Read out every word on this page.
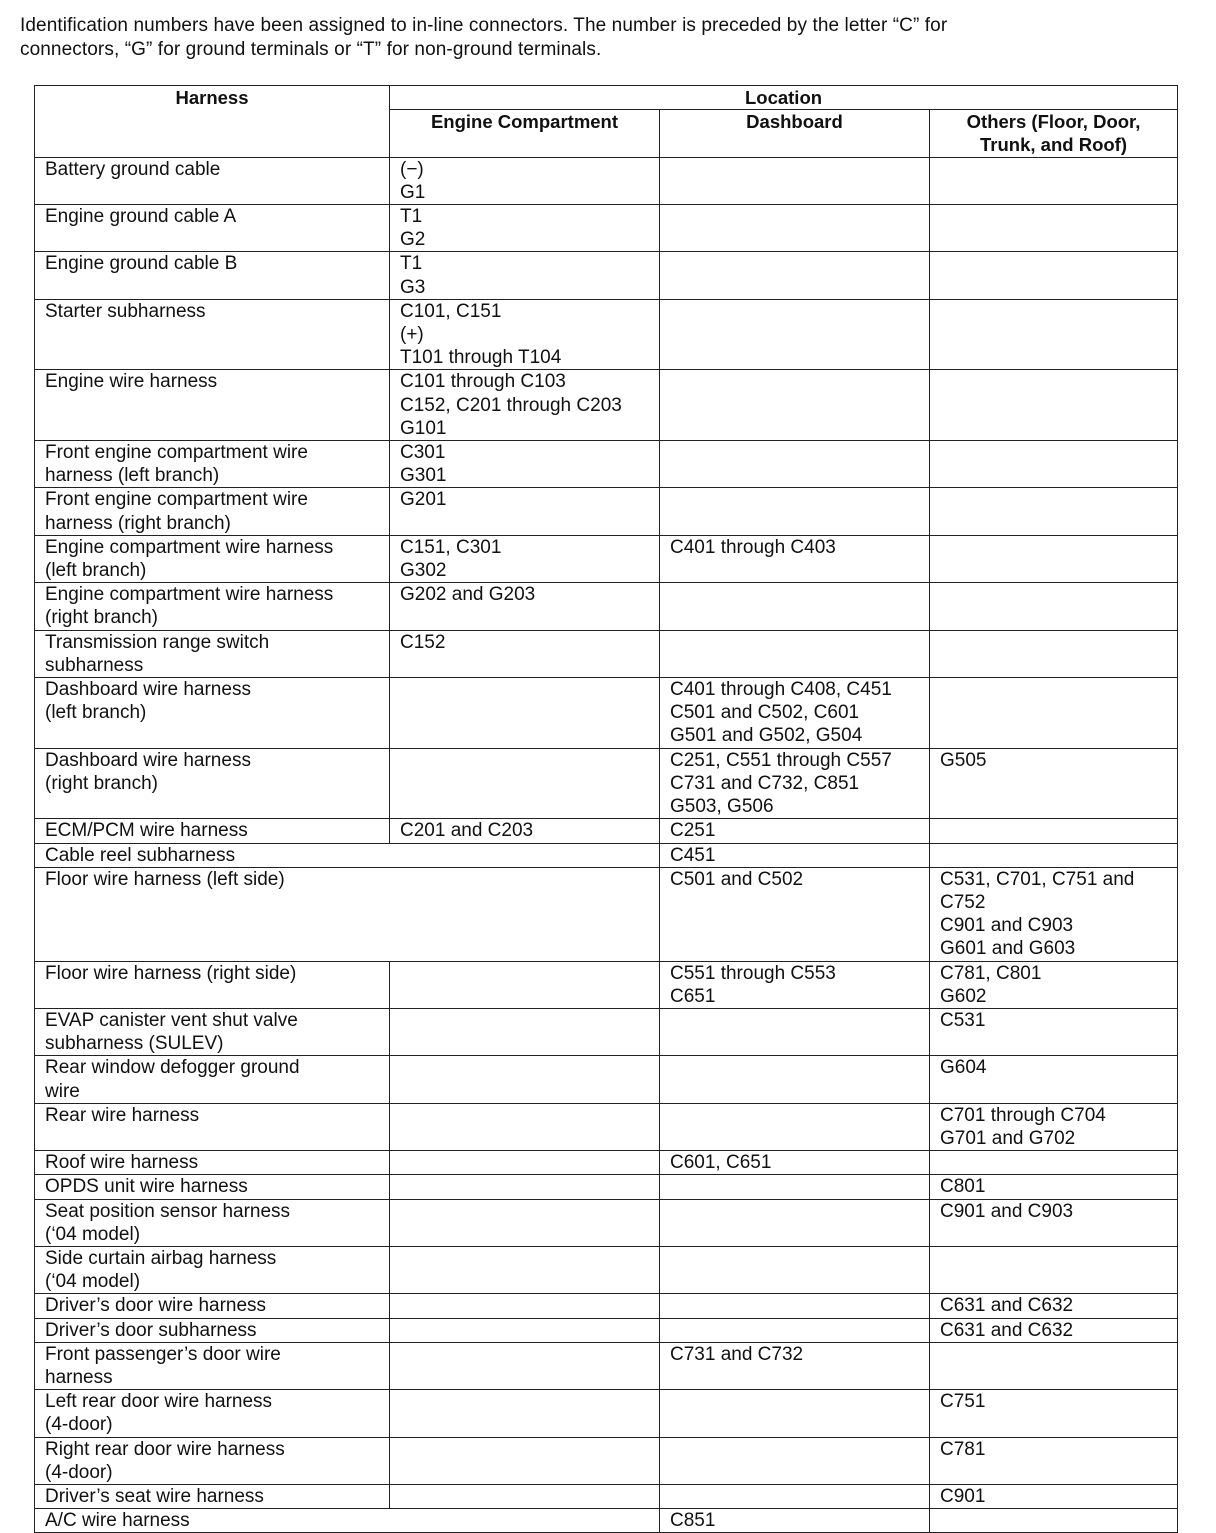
Identification numbers have been assigned to in-line connectors. The number is preceded by the letter “C” for

connectors, “G” for ground terminals or “T” for non-ground terminals.

Harness	Location		
	Engine Compartment	Dashboard	Others (Floor, Door,
Trunk, and Roof)

Battery ground cable	(−)
G1		

Engine ground cable A	T1
G2		

Engine ground cable B	T1
G3		

Starter subharness	C101, C151
(+)
T101 through T104		

Engine wire harness	C101 through C103
C152, C201 through C203
G101		

Front engine compartment wire
harness (left branch)	C301
G301		

Front engine compartment wire
harness (right branch)	G201		

Engine compartment wire harness
(left branch)	C151, C301
G302	C401 through C403	

Engine compartment wire harness
(right branch)	G202 and G203		

Transmission range switch
subharness	C152		

Dashboard wire harness
(left branch)		C401 through C408, C451
C501 and C502, C601
G501 and G502, G504	

Dashboard wire harness
(right branch)		C251, C551 through C557
C731 and C732, C851
G503, G506	G505

ECM/PCM wire harness	C201 and C203	C251	

Cable reel subharness		C451	

Floor wire harness (left side)		C501 and C502	C531, C701, C751 and
C752
C901 and C903
G601 and G603

Floor wire harness (right side)		C551 through C553
C651	C781, C801
G602

EVAP canister vent shut valve
subharness (SULEV)			C531

Rear window defogger ground
wire			G604

Rear wire harness			C701 through C704
G701 and G702

Roof wire harness		C601, C651	

OPDS unit wire harness			C801

Seat position sensor harness
(‘04 model)			C901 and C903

Side curtain airbag harness
(‘04 model)			

Driver’s door wire harness			C631 and C632

Driver’s door subharness			C631 and C632

Front passenger’s door wire
harness		C731 and C732	

Left rear door wire harness
(4-door)			C751

Right rear door wire harness
(4-door)			C781

Driver’s seat wire harness			C901

A/C wire harness		C851	
